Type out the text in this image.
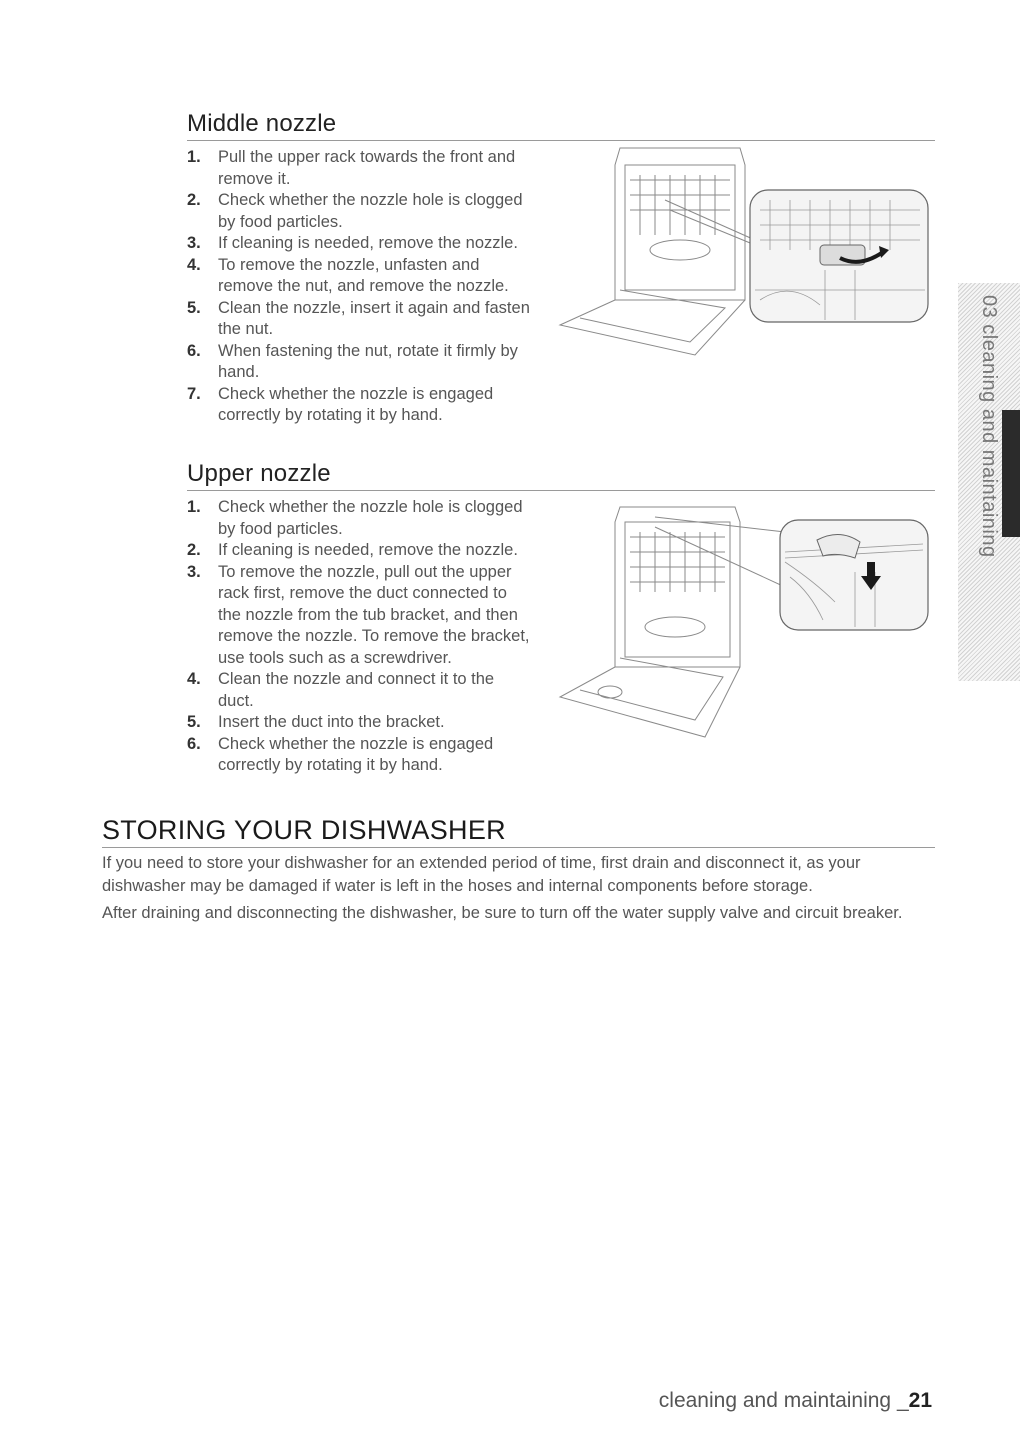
Middle nozzle
1. Pull the upper rack towards the front and remove it.
2. Check whether the nozzle hole is clogged by food particles.
3. If cleaning is needed, remove the nozzle.
4. To remove the nozzle, unfasten and remove the nut, and remove the nozzle.
5. Clean the nozzle, insert it again and fasten the nut.
6. When fastening the nut, rotate it firmly by hand.
7. Check whether the nozzle is engaged correctly by rotating it by hand.
Upper nozzle
1. Check whether the nozzle hole is clogged by food particles.
2. If cleaning is needed, remove the nozzle.
3. To remove the nozzle, pull out the upper rack first, remove the duct connected to the nozzle from the tub bracket, and then remove the nozzle. To remove the bracket, use tools such as a screwdriver.
4. Clean the nozzle and connect it to the duct.
5. Insert the duct into the bracket.
6. Check whether the nozzle is engaged correctly by rotating it by hand.
STORING YOUR DISHWASHER

If you need to store your dishwasher for an extended period of time, first drain and disconnect it, as your dishwasher may be damaged if water is left in the hoses and internal components before storage.

After draining and disconnecting the dishwasher, be sure to turn off the water supply valve and circuit breaker.

03 cleaning and maintaining
cleaning and maintaining _21
